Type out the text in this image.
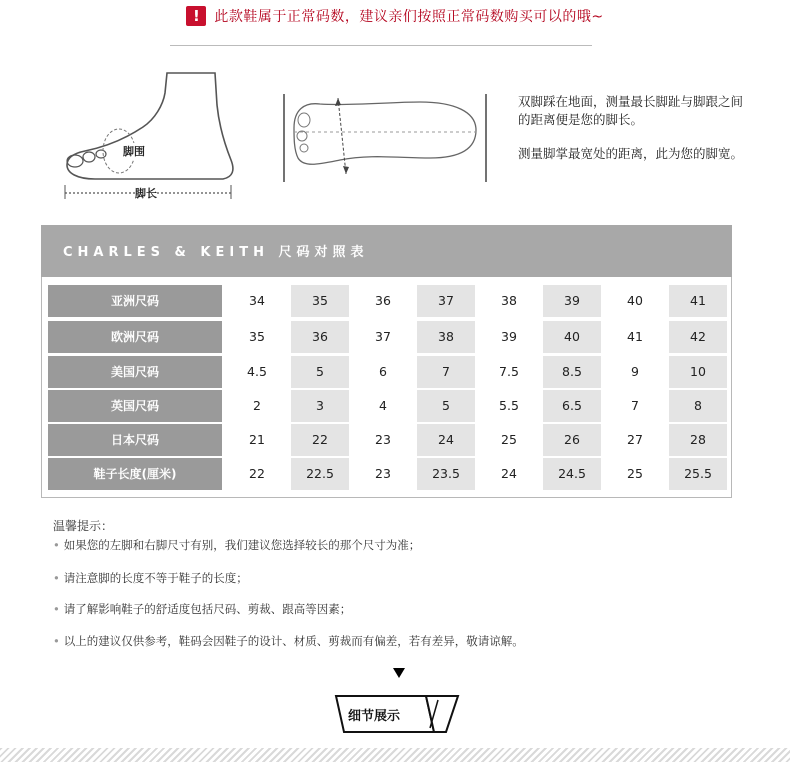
!	此款鞋属于正常码数，建议亲们按照正常码数购买可以的哦~
脚围
脚长
双脚踩在地面，测量最长脚趾与脚跟之间的距离便是您的脚长。
测量脚掌最宽处的距离，此为您的脚宽。
CHARLES & KEITH 尺码对照表
亚洲尺码	34	35	36	37	38	39	40	41
欧洲尺码	35	36	37	38	39	40	41	42
美国尺码	4.5	5	6	7	7.5	8.5	9	10
英国尺码	2	3	4	5	5.5	6.5	7	8
日本尺码	21	22	23	24	25	26	27	28
鞋子长度(厘米)	22	22.5	23	23.5	24	24.5	25	25.5
温馨提示：
• 如果您的左脚和右脚尺寸有别，我们建议您选择较长的那个尺寸为准；
• 请注意脚的长度不等于鞋子的长度；
• 请了解影响鞋子的舒适度包括尺码、剪裁、跟高等因素；
• 以上的建议仅供参考，鞋码会因鞋子的设计、材质、剪裁而有偏差，若有差异，敬请谅解。
细节展示
